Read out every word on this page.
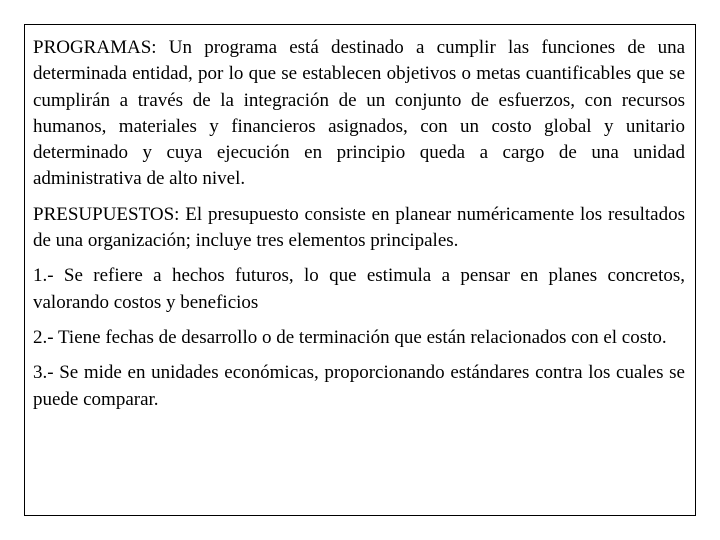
PROGRAMAS: Un programa está destinado a cumplir las funciones de una determinada entidad, por lo que se establecen objetivos o metas cuantificables que se cumplirán a través de la integración de un conjunto de esfuerzos, con recursos humanos, materiales y financieros asignados, con un costo global y unitario determinado y cuya ejecución en principio queda a cargo de una unidad administrativa de alto nivel.

PRESUPUESTOS: El presupuesto consiste en planear numéricamente los resultados de una organización; incluye tres elementos principales.

1.- Se refiere a hechos futuros, lo que estimula a pensar en planes concretos, valorando costos y beneficios

2.- Tiene fechas de desarrollo o de terminación que están relacionados con el costo.

3.- Se mide en unidades económicas, proporcionando estándares contra los cuales se puede comparar.
